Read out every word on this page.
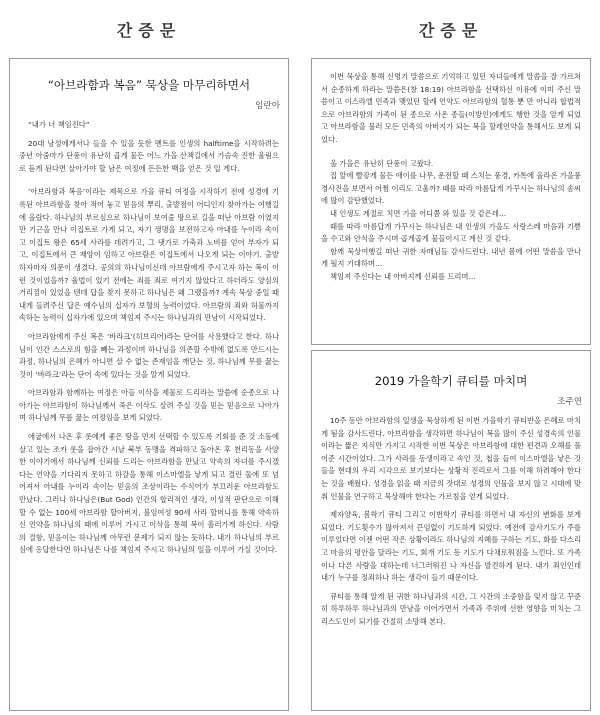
간증문
“아브라함과 복음” 묵상을 마무리하면서
임란아

“내가 너 책임진다”

20대 남성에게서나 들을 수 있을 듯한 멘트를 인생의 halftime을 시작하려는 중년 아줌마가 단풍이 유난히 곱게 물든 어느 가을 산책길에서 가슴속 진한 울림으로 듣게 된다면 살아가야 할 남은 여정에 든든한 백을 얻은 것 일 게다.

‘아브라함과 복음’이라는 제목으로 가을 큐티 여정을 시작하기 전에 성경에 기록된 아브라함을 찾아 적어 놓고 믿음의 뿌리, 출발점이 어디인지 찾아가는 여행길에 올랐다. 하나님의 부르심으로 하나님이 보여줄 땅으로 길을 떠난 아브람 이였지만 기근을 만나 이집트로 가게 되고, 자기 생명을 보전하고자 아내를 누이라 속이고 이집트 왕은 65세 사라를 데려가고, 그 댓가로 가축과 노비를 얻어 부자가 되고, 이집트에서 큰 재앙이 임하고 아브람은 이집트에서 나오게 되는 이야기. 출발하자마자 의문이 생겼다. 공의의 하나님이신데 아브람에게 주시고자 하는 복이 이런 것이었을까? 율법이 있기 전에는 죄를 죄로 여기지 않았다고 하더라도 양심의 거리낌이 있었을 텐데 답을 찾지 못하고 하나님은 왜 그랬을까? 계속 묵상 중일 때 내게 들려주신 답은 예수님의 십자가 보혈의 능력이었다. 아브람의 죄와 허물까지 속하는 능력이 십자가에 있으며 책임져 주시는 하나님과의 만남이 시작되었다.

아브라함에게 주신 복은 ‘바라크’(히브리어)라는 단어를 사용했다고 한다. 하나님이 인간 스스로의 힘을 빼는 과정이며 하나님을 의존할 수밖에 없도록 만드시는 과정, 하나님의 은혜가 아니면 살 수 없는 존재임을 깨닫는 것, 하나님께 무릎 꿇는 것이 ‘바라크’라는 단어 속에 있다는 것을 알게 되었다.

아브라함과 함께하는 여정은 아들 이삭을 제물로 드리라는 말씀에 순종으로 나아가는 아브라함이 하나님께서 죽은 이삭도 살려 주실 것을 믿는 믿음으로 나아가며 하나님께 무릎 꿇는 여정임을 보게 되었다.

애굽에서 나온 후 롯에게 좋은 땅을 먼저 선택할 수 있도록 기회를 준 것 소돔에 살고 있는 조카 롯을 잡아간 시날 북부 동맹을 격파하고 돌아온 후 천리동을 사양한 이야기에서 하나님께 신뢰를 드리는 아브라함을 만났고 약속의 자녀를 주시겠다는 언약을 기다리지 못하고 하갈을 통해 이스마엘을 낳게 되고 결린 둘에 또 넘어져서 아내를 누이라 속이는 믿음의 조상이라는 수식어가 부끄러운 아브라함도 만났다. 그러나 하나님은(But God) 인간의 합리적인 생각, 이성적 판단으로 이해할 수 없는 100세 아브라함 할아버지, 불임여성 90세 사라 할머니를 통해 약속하신 언약을 하나님의 때에 이루어 가시고 이삭을 통해 복이 흘러가게 하신다. 사람의 결함, 믿음이는 하나님께 아무런 문제가 되지 않는 듯하다. 내가 하나님의 부르심에 응답한다면 하나님은 나를 책임져 주시고 하나님의 일을 이루어 가실 것이다.

간증문

이번 묵상을 통해 신명기 말씀으로 기억하고 있던 자녀들에게 말씀을 잘 가르쳐서 순종하게 하라는 말씀은(창 18:19) 아브라함을 선택하신 이유에 이미 주신 말씀이고 이스라엘 민족과 맺었던 할례 언약도 아브라함의 혈통 뿐 만 아니라 합법적으로 아브라함의 가족이 된 종으로 사온 종들(이방인)에게도 행한 것을 알게 되었고 아브라함을 불러 모든 민족의 아버지가 되는 복을 할례언약을 통해서도 보게 되었다.

올 가을은 유난히 단풍이 고왔다.

집 앞에 빨갛게 물든 애이를 나무, 운전할 때 스치는 풍경, 카톡에 올라온 가을풍경사진을 보면서 어쩜 이리도 고울까? 때를 따라 아름답게 가꾸시는 하나님의 솜씨에 많이 감탄했었다.

내 인생도 계절로 치면 가을 어디쯤 와 있을 것 같은데…

때를 따라 아름답게 가꾸시는 하나님은 내 인생의 가을도 사랑스레 마음과 기쁨을 수고와 안식을 주시며 곱게곱게 물들이시고 계신 것 같다.

함께 묵상여행길 떠난 귀한 자매님들 감사드린다. 내년 봄에 어떤 말씀을 만나게 될지 기대하며…

책임져 주신다는 내 아버지께 신뢰를 드리며…

2019 가을학기 큐티를 마치며
조주연

10주 동안 아브라함의 일생을 묵상하게 된 이번 가을학기 큐티반을 은혜로 마치게 됨을 감사드린다. 아브라함을 생각하면 하나님이 복을 많이 주신 성경속의 인물이라는 짧은 지식만 가지고 시작한 이번 묵상은 아브라함에 대한 편견과 오해를 풀어준 시간이었다. 그가 사라를 동생이라고 속인 것, 첩을 들여 이스마엘을 낳은 것 들을 현대의 우리 시각으로 보기보다는 상황적 진리로서 그를 이해 하려해야 한다는 것을 배웠다. 성경을 읽을 때 지금의 잣대로 성경의 인물을 보지 않고 시대에 맞춰 인물을 연구하고 묵상해야 한다는 가르침을 얻게 되었다.

제자양육, 봄학기 큐티 그리고 이번학기 큐티를 하면서 내 자신의 변화를 보게 되었다. 기도횟수가 많아져서 끈임없이 기도하게 되었다. 예전에 감사기도가 주를 이루었다면 이젠 어떤 작은 상황이라도 하나님의 지혜를 구하는 기도, 화를 다스리고 마음의 평안을 달라는 기도, 회개 기도 등 기도가 다채로워짐을 느낀다. 또 가족이나 다른 사람을 대하는데 너그러워진 나 자신을 발견하게 된다. 내가 죄인인데 내가 누구를 정죄하나 하는 생각이 들기 때문이다.

큐티를 통해 알게 된 귀한 하나님과의 시간, 그 시간의 소중함을 잊지 않고 꾸준히 하루하루 하나님과의 만남을 이어가면서 가족과 주위에 선한 영향을 미치는 그리스도인이 되기를 간절히 소망해 본다.
